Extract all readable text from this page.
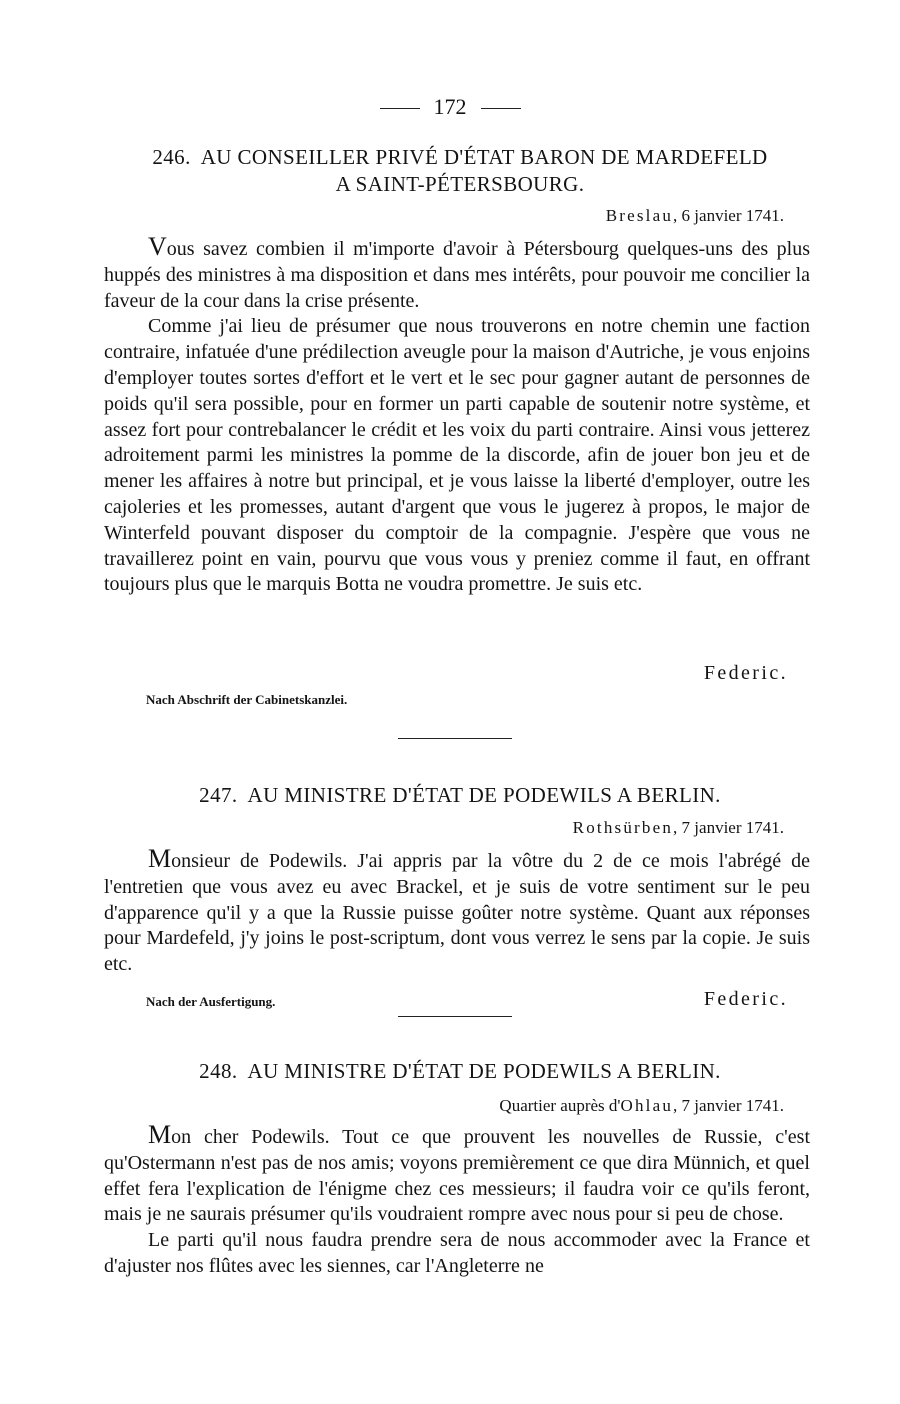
172
246. AU CONSEILLER PRIVÉ D'ÉTAT BARON DE MARDEFELD
A SAINT-PÉTERSBOURG.
Breslau, 6 janvier 1741.

Vous savez combien il m'importe d'avoir à Pétersbourg quelques-uns des plus huppés des ministres à ma disposition et dans mes intérêts, pour pouvoir me concilier la faveur de la cour dans la crise présente.

Comme j'ai lieu de présumer que nous trouverons en notre chemin une faction contraire, infatuée d'une prédilection aveugle pour la maison d'Autriche, je vous enjoins d'employer toutes sortes d'effort et le vert et le sec pour gagner autant de personnes de poids qu'il sera possible, pour en former un parti capable de soutenir notre système, et assez fort pour contrebalancer le crédit et les voix du parti contraire. Ainsi vous jetterez adroitement parmi les ministres la pomme de la discorde, afin de jouer bon jeu et de mener les affaires à notre but principal, et je vous laisse la liberté d'employer, outre les cajoleries et les promesses, autant d'argent que vous le jugerez à propos, le major de Winterfeld pouvant disposer du comptoir de la compagnie. J'espère que vous ne travaillerez point en vain, pourvu que vous vous y preniez comme il faut, en offrant toujours plus que le marquis Botta ne voudra promettre. Je suis etc.

Federic.
Nach Abschrift der Cabinetskanzlei.
247. AU MINISTRE D'ÉTAT DE PODEWILS A BERLIN.
Rothsürben, 7 janvier 1741.

Monsieur de Podewils. J'ai appris par la vôtre du 2 de ce mois l'abrégé de l'entretien que vous avez eu avec Brackel, et je suis de votre sentiment sur le peu d'apparence qu'il y a que la Russie puisse goûter notre système. Quant aux réponses pour Mardefeld, j'y joins le post-scriptum, dont vous verrez le sens par la copie. Je suis etc.

Nach der Ausfertigung.	Federic.
248. AU MINISTRE D'ÉTAT DE PODEWILS A BERLIN.
Quartier auprès d'Ohlau, 7 janvier 1741.

Mon cher Podewils. Tout ce que prouvent les nouvelles de Russie, c'est qu'Ostermann n'est pas de nos amis; voyons premièrement ce que dira Münnich, et quel effet fera l'explication de l'énigme chez ces messieurs; il faudra voir ce qu'ils feront, mais je ne saurais présumer qu'ils voudraient rompre avec nous pour si peu de chose.

Le parti qu'il nous faudra prendre sera de nous accommoder avec la France et d'ajuster nos flûtes avec les siennes, car l'Angleterre ne
